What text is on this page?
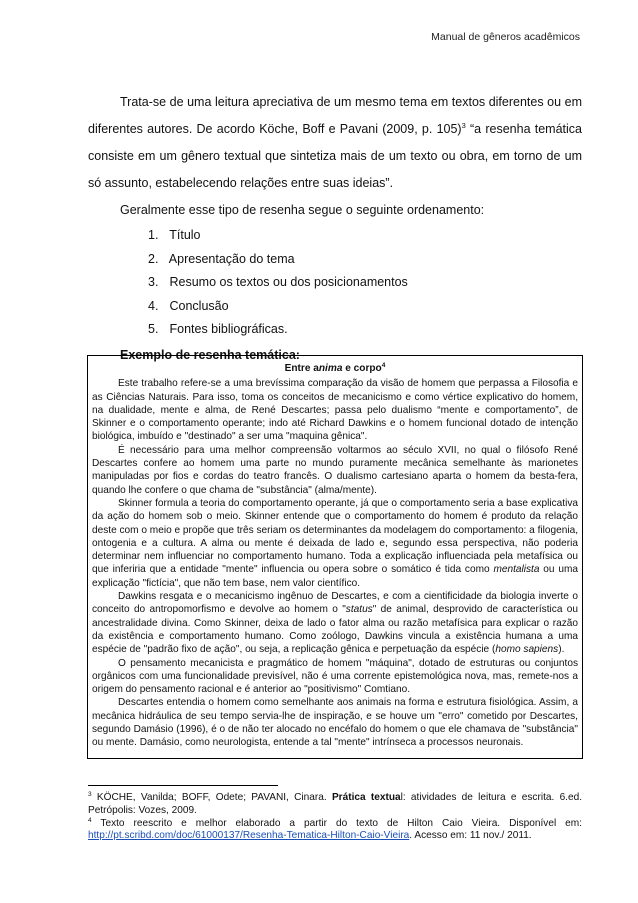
Manual de gêneros acadêmicos

Trata-se de uma leitura apreciativa de um mesmo tema em textos diferentes ou em diferentes autores. De acordo Köche, Boff e Pavani (2009, p. 105)$^3$ “a resenha temática consiste em um gênero textual que sintetiza mais de um texto ou obra, em torno de um só assunto, estabelecendo relações entre suas ideias”.

Geralmente esse tipo de resenha segue o seguinte ordenamento:

1. Título
2. Apresentação do tema
3. Resumo os textos ou dos posicionamentos
4. Conclusão
5. Fontes bibliográficas.

Exemplo de resenha temática:

Entre anima e corpo$^4$

Este trabalho refere-se a uma brevíssima comparação da visão de homem que perpassa a Filosofia e as Ciências Naturais. Para isso, toma os conceitos de mecanicismo e como vértice explicativo do homem, na dualidade, mente e alma, de René Descartes; passa pelo dualismo “mente e comportamento”, de Skinner e o comportamento operante; indo até Richard Dawkins e o homem funcional dotado de intenção biológica, imbuído e "destinado" a ser uma "maquina gênica".

É necessário para uma melhor compreensão voltarmos ao século XVII, no qual o filósofo René Descartes confere ao homem uma parte no mundo puramente mecânica semelhante às marionetes manipuladas por fios e cordas do teatro francês. O dualismo cartesiano aparta o homem da besta-fera, quando lhe confere o que chama de "substância" (alma/mente).

Skinner formula a teoria do comportamento operante, já que o comportamento seria a base explicativa da ação do homem sob o meio. Skinner entende que o comportamento do homem é produto da relação deste com o meio e propõe que três seriam os determinantes da modelagem do comportamento: a filogenia, ontogenia e a cultura. A alma ou mente é deixada de lado e, segundo essa perspectiva, não poderia determinar nem influenciar no comportamento humano. Toda a explicação influenciada pela metafísica ou que inferiria que a entidade "mente" influencia ou opera sobre o somático é tida como mentalista ou uma explicação "fictícia", que não tem base, nem valor científico.

Dawkins resgata e o mecanicismo ingênuo de Descartes, e com a cientificidade da biologia inverte o conceito do antropomorfismo e devolve ao homem o "status" de animal, desprovido de característica ou ancestralidade divina. Como Skinner, deixa de lado o fator alma ou razão metafísica para explicar o razão da existência e comportamento humano. Como zoólogo, Dawkins vincula a existência humana a uma espécie de "padrão fixo de ação", ou seja, a replicação gênica e perpetuação da espécie (homo sapiens).

O pensamento mecanicista e pragmático de homem "máquina", dotado de estruturas ou conjuntos orgânicos com uma funcionalidade previsível, não é uma corrente epistemológica nova, mas, remete-nos a origem do pensamento racional e é anterior ao "positivismo" Comtiano.

Descartes entendia o homem como semelhante aos animais na forma e estrutura fisiológica. Assim, a mecânica hidráulica de seu tempo servia-lhe de inspiração, e se houve um "erro" cometido por Descartes, segundo Damásio (1996), é o de não ter alocado no encéfalo do homem o que ele chamava de "substância" ou mente. Damásio, como neurologista, entende a tal "mente" intrínseca a processos neuronais.

$^3$ KÖCHE, Vanilda; BOFF, Odete; PAVANI, Cinara. Prática textual: atividades de leitura e escrita. 6.ed. Petrópolis: Vozes, 2009.

$^4$ Texto reescrito e melhor elaborado a partir do texto de Hilton Caio Vieira. Disponível em: http://pt.scribd.com/doc/61000137/Resenha-Tematica-Hilton-Caio-Vieira. Acesso em: 11 nov./ 2011.
